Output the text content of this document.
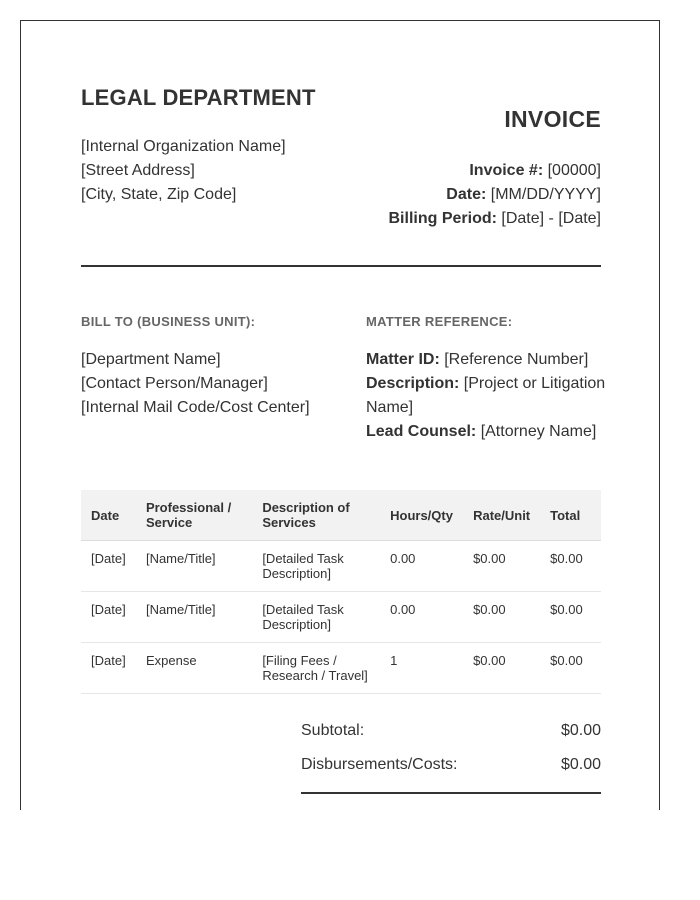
LEGAL DEPARTMENT
[Internal Organization Name]
[Street Address]
[City, State, Zip Code]
INVOICE
Invoice #: [00000]
Date: [MM/DD/YYYY]
Billing Period: [Date] - [Date]
BILL TO (BUSINESS UNIT):	MATTER REFERENCE:
[Department Name]
[Contact Person/Manager]
[Internal Mail Code/Cost Center]
Matter ID: [Reference Number]
Description: [Project or Litigation Name]
Lead Counsel: [Attorney Name]
Date	Professional / Service	Description of Services	Hours/Qty	Rate/Unit	Total
[Date]	[Name/Title]	[Detailed Task Description]	0.00	$0.00	$0.00
[Date]	[Name/Title]	[Detailed Task Description]	0.00	$0.00	$0.00
[Date]	Expense	[Filing Fees / Research / Travel]	1	$0.00	$0.00
Subtotal:	$0.00
Disbursements/Costs:	$0.00
